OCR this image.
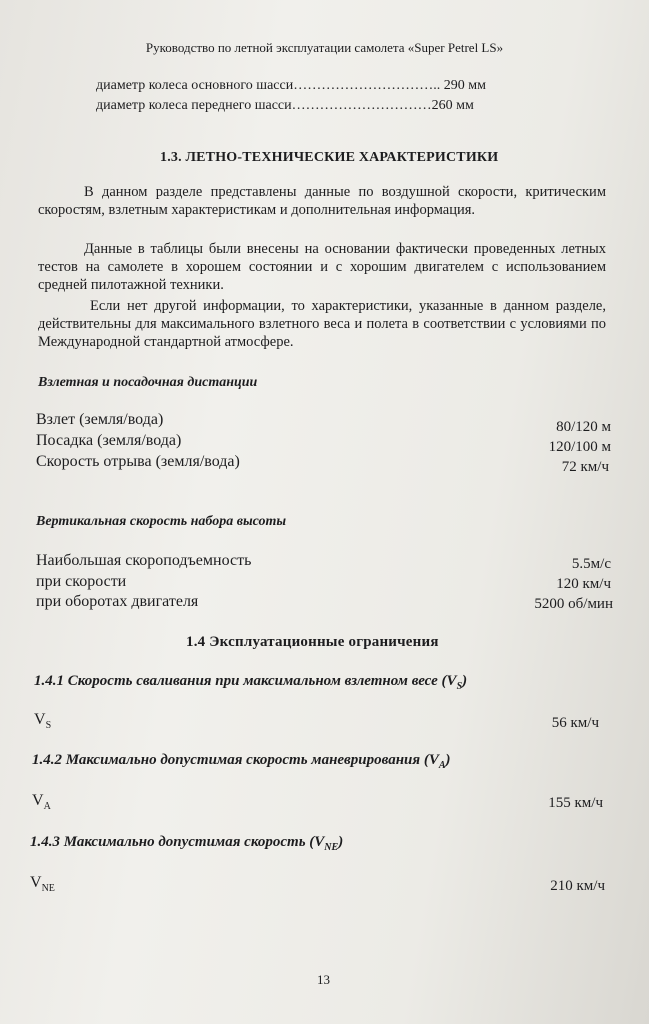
Руководство по летной эксплуатации самолета «Super Petrel LS»
диаметр колеса основного шасси………………………….. 290 мм
диаметр колеса переднего шасси…………………………260 мм
1.3. ЛЕТНО-ТЕХНИЧЕСКИЕ ХАРАКТЕРИСТИКИ
В данном разделе представлены данные по воздушной скорости, критическим скоростям, взлетным характеристикам и дополнительная информация.
Данные в таблицы были внесены на основании фактически проведенных летных тестов на самолете в хорошем состоянии и с хорошим двигателем с использованием средней пилотажной техники.
Если нет другой информации, то характеристики, указанные в данном разделе, действительны для максимального взлетного веса и полета в соответствии с условиями по Международной стандартной атмосфере.
Взлетная и посадочная дистанции
Взлет (земля/вода)	80/120 м
Посадка (земля/вода)	120/100 м
Скорость отрыва (земля/вода)	72 км/ч
Вертикальная скорость набора высоты
Наибольшая скороподъемность	5.5м/с
при скорости	120 км/ч
при оборотах двигателя	5200 об/мин
1.4 Эксплуатационные ограничения
1.4.1 Скорость сваливания при максимальном взлетном весе $(V_S)$
$V_S$	56 км/ч
1.4.2 Максимально допустимая скорость маневрирования $(V_A)$
$V_A$	155 км/ч
1.4.3 Максимально допустимая скорость $(V_{NE})$
$V_{NE}$	210 км/ч
13
